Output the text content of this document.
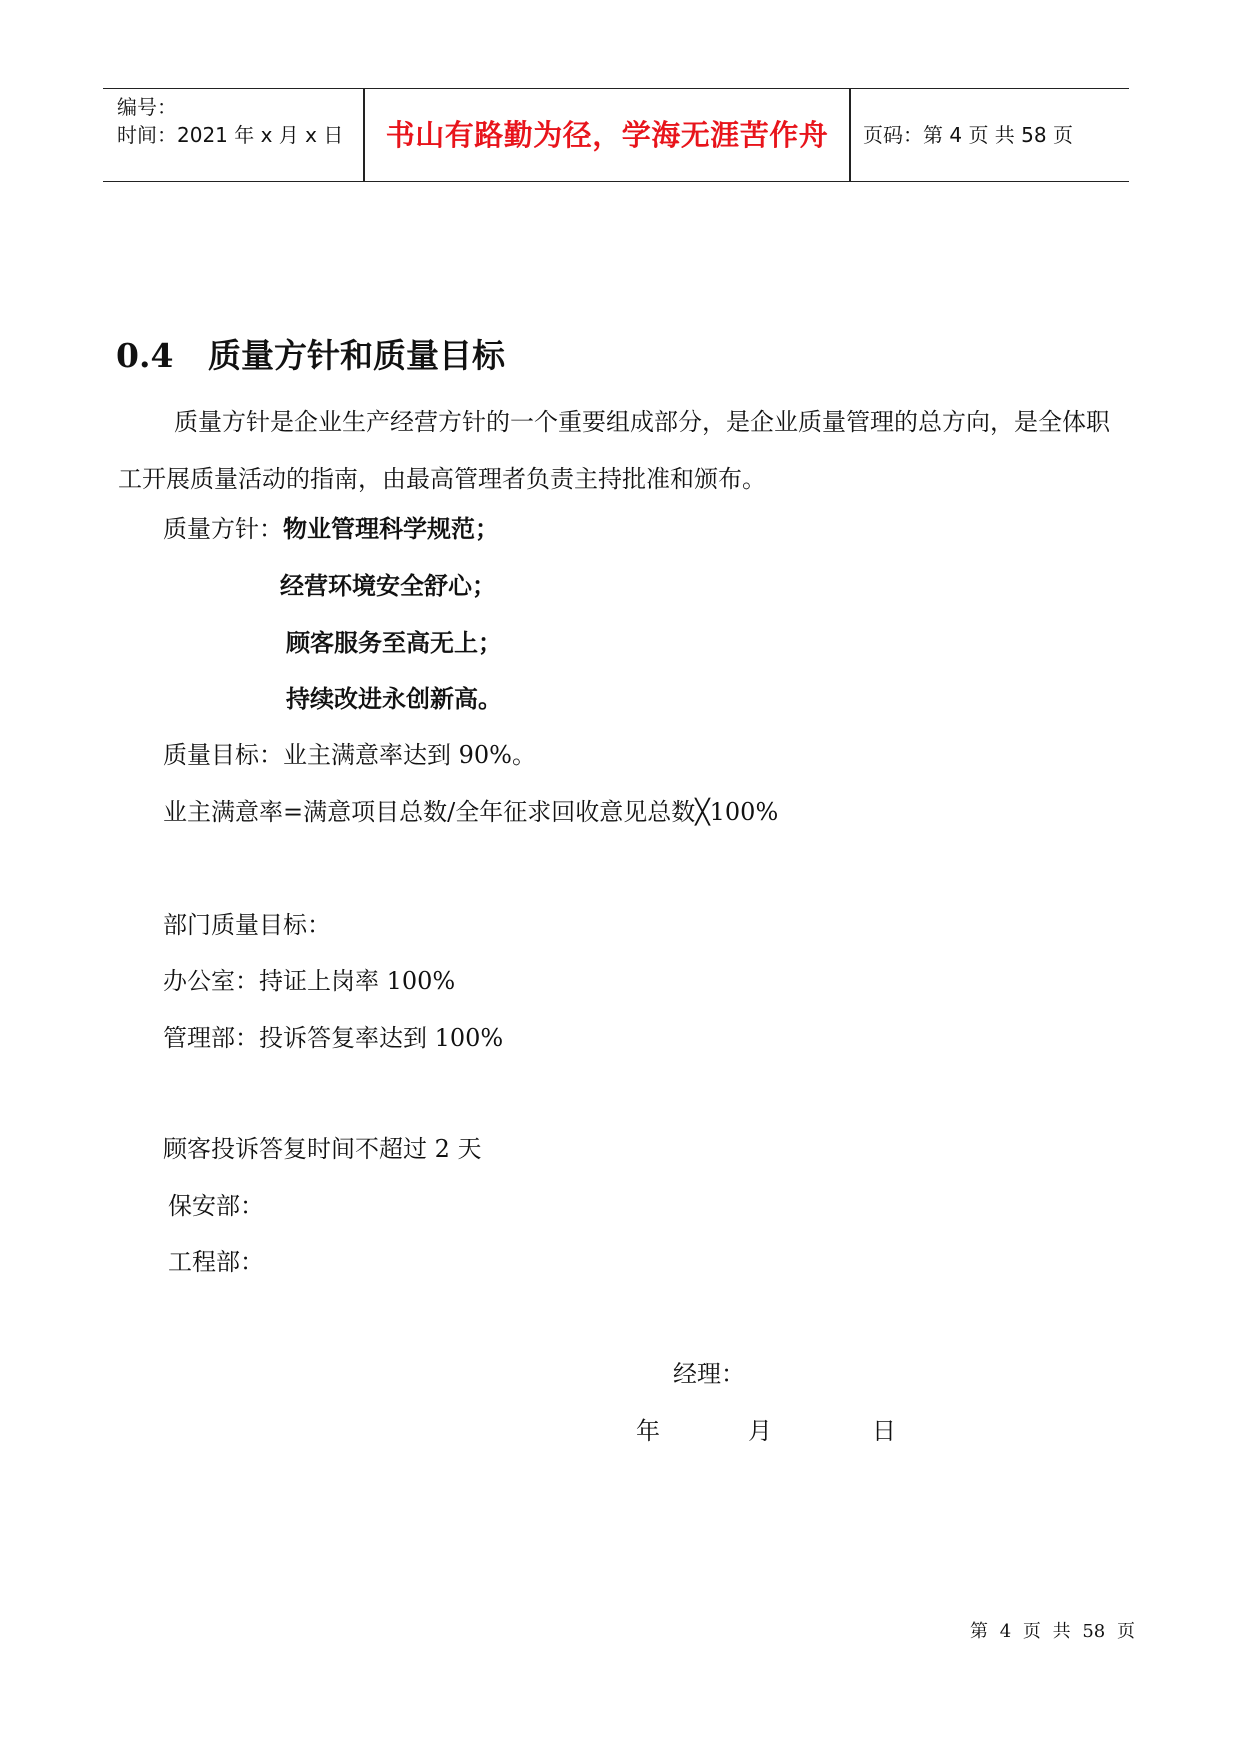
编号：
时间：2021 年 x 月 x 日	书山有路勤为径，学海无涯苦作舟	页码：第 4 页 共 58 页
0.4 质量方针和质量目标
质量方针是企业生产经营方针的一个重要组成部分，是企业质量管理的总方向，是全体职工开展质量活动的指南，由最高管理者负责主持批准和颁布。
质量方针：物业管理科学规范；
经营环境安全舒心；
顾客服务至高无上；
持续改进永创新高。
质量目标：业主满意率达到 90%。
业主满意率=满意项目总数/全年征求回收意见总数╳100%
部门质量目标：
办公室：持证上岗率 100%
管理部：投诉答复率达到 100%
顾客投诉答复时间不超过 2 天
保安部：
工程部：
经理：
年	月	日
第 4 页 共 58 页
